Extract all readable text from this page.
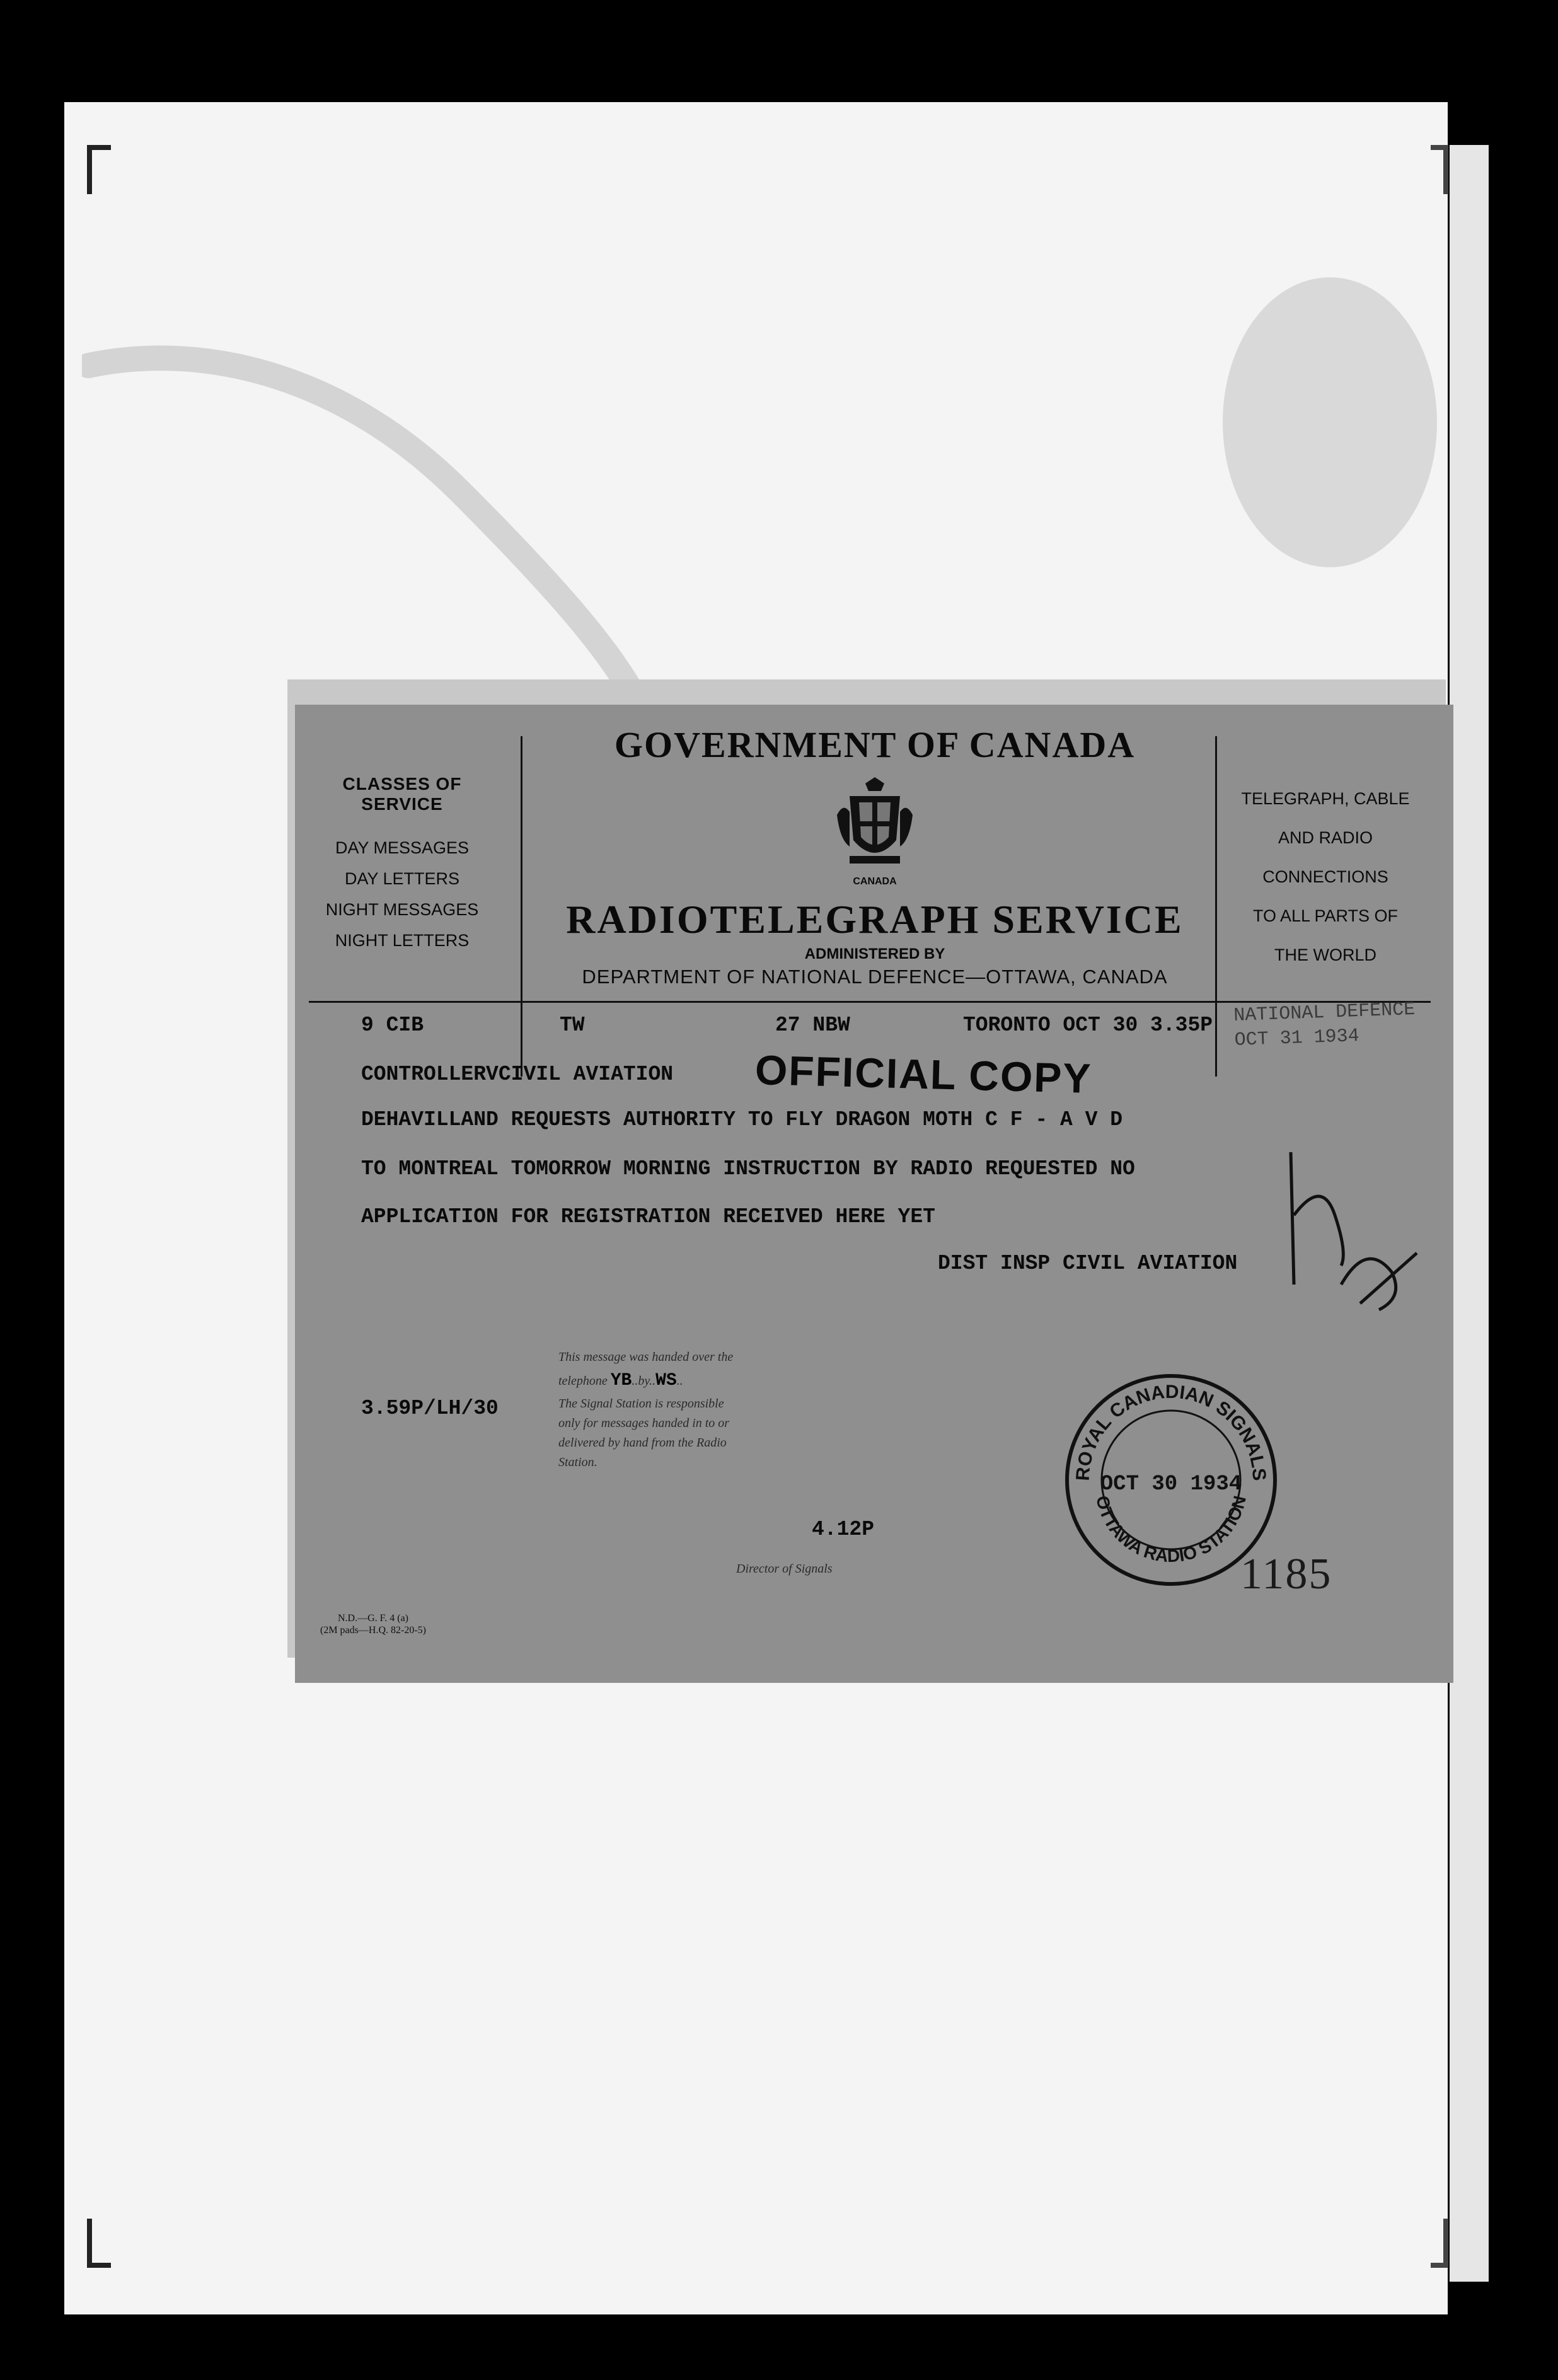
CLASSES OF SERVICE
DAY MESSAGES
DAY LETTERS
NIGHT MESSAGES
NIGHT LETTERS
GOVERNMENT OF CANADA
CANADA
RADIOTELEGRAPH SERVICE
ADMINISTERED BY
DEPARTMENT OF NATIONAL DEFENCE—OTTAWA, CANADA
TELEGRAPH, CABLE
AND RADIO
CONNECTIONS
TO ALL PARTS OF
THE WORLD
NATIONAL DEFENCE
OCT 31 1934
9 CIB	TW	27 NBW	TORONTO OCT 30 3.35P
CONTROLLERVCIVIL AVIATION OFFICIAL COPY
DEHAVILLAND REQUESTS AUTHORITY TO FLY DRAGON MOTH C F - A V D
TO MONTREAL TOMORROW MORNING INSTRUCTION BY RADIO REQUESTED NO
APPLICATION FOR REGISTRATION RECEIVED HERE YET
DIST INSP CIVIL AVIATION
3.59P/LH/30
This message was handed over the
telephone YB..by..WS..
The Signal Station is responsible
only for messages handed in to or
delivered by hand from the Radio
Station.
4.12P
Director of Signals
ROYAL CANADIAN SIGNALS
OTTAWA RADIO STATION
OCT 30 1934
1185
N.D.—G. F. 4 (a)
(2M pads—H.Q. 82-20-5)
